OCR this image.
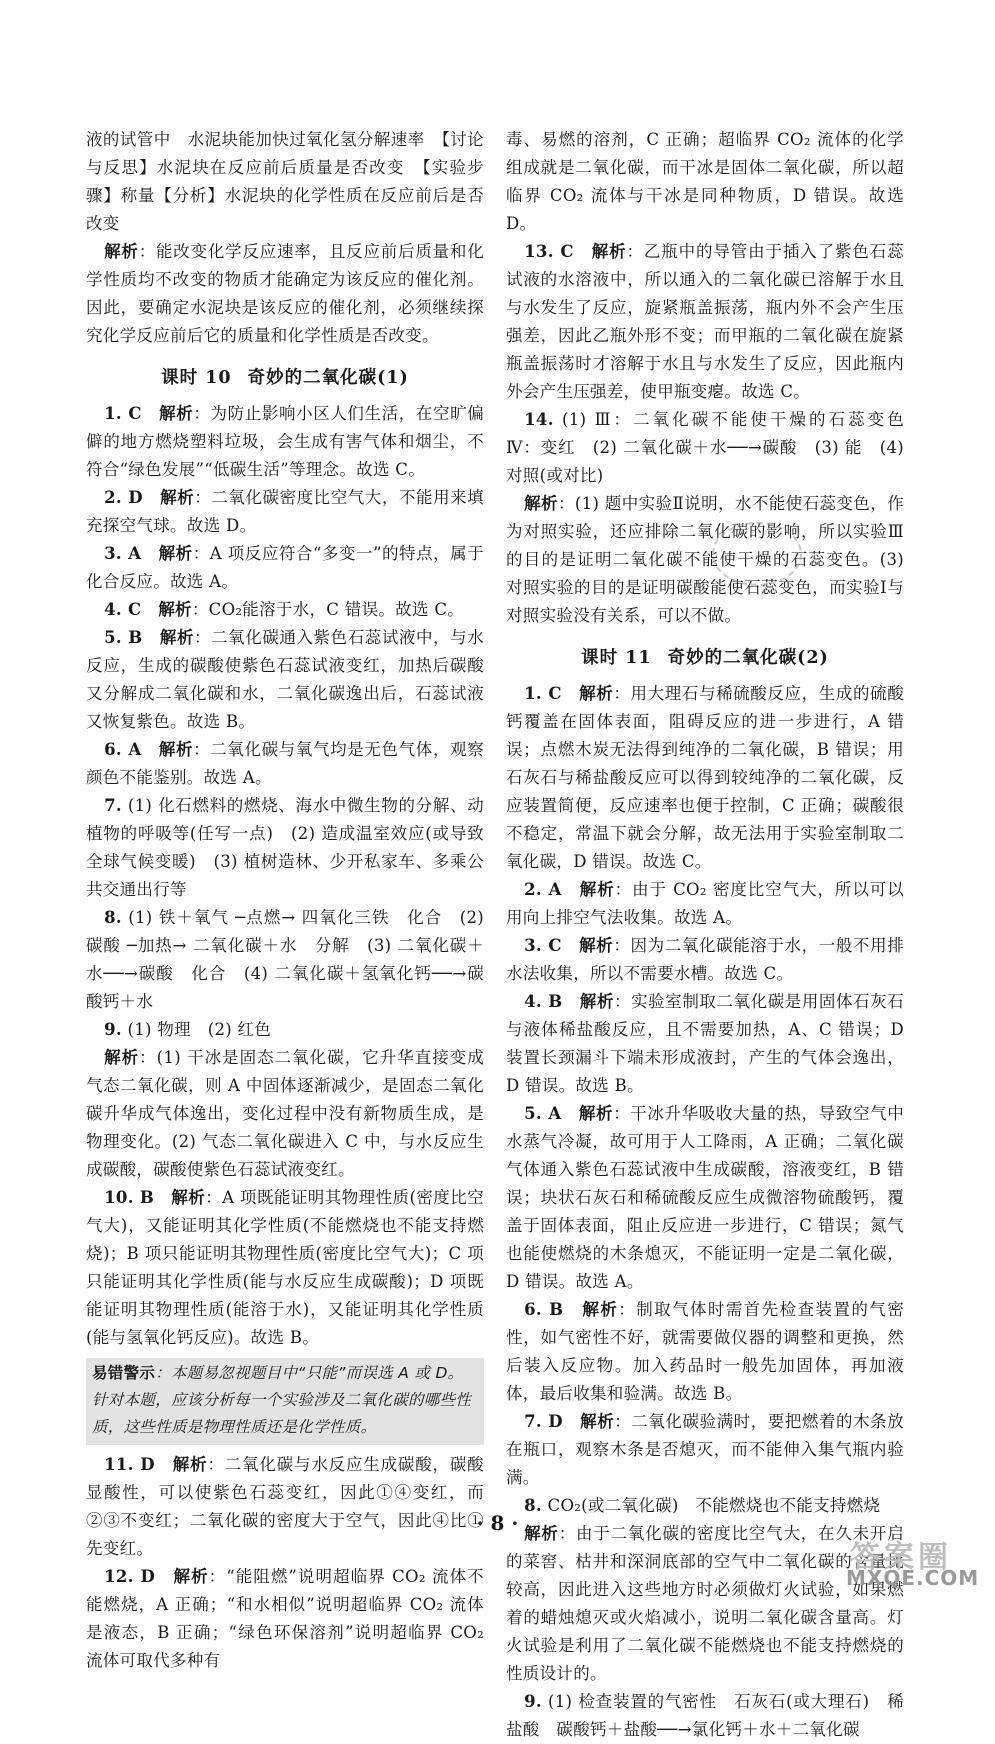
液的试管中　水泥块能加快过氧化氢分解速率　【讨论与反思】水泥块在反应前后质量是否改变　【实验步骤】称量【分析】水泥块的化学性质在反应前后是否改变

解析：能改变化学反应速率，且反应前后质量和化学性质均不改变的物质才能确定为该反应的催化剂。因此，要确定水泥块是该反应的催化剂，必须继续探究化学反应前后它的质量和化学性质是否改变。

课时 10 奇妙的二氧化碳(1)

1. C　解析：为防止影响小区人们生活，在空旷偏僻的地方燃烧塑料垃圾，会生成有害气体和烟尘，不符合“绿色发展”“低碳生活”等理念。故选 C。

2. D　解析：二氧化碳密度比空气大，不能用来填充探空气球。故选 D。

3. A　解析：A 项反应符合“多变一”的特点，属于化合反应。故选 A。

4. C　解析：CO₂能溶于水，C 错误。故选 C。

5. B　解析：二氧化碳通入紫色石蕊试液中，与水反应，生成的碳酸使紫色石蕊试液变红，加热后碳酸又分解成二氧化碳和水，二氧化碳逸出后，石蕊试液又恢复紫色。故选 B。

6. A　解析：二氧化碳与氧气均是无色气体，观察颜色不能鉴别。故选 A。

7. (1) 化石燃料的燃烧、海水中微生物的分解、动植物的呼吸等(任写一点)　(2) 造成温室效应(或导致全球气候变暖)　(3) 植树造林、少开私家车、多乘公共交通出行等

8. (1) 铁＋氧气 ─点燃→ 四氧化三铁　化合　(2) 碳酸 ─加热→ 二氧化碳＋水　分解　(3) 二氧化碳＋水──→碳酸　化合　(4) 二氧化碳＋氢氧化钙──→碳酸钙＋水

9. (1) 物理　(2) 红色

解析：(1) 干冰是固态二氧化碳，它升华直接变成气态二氧化碳，则 A 中固体逐渐减少，是固态二氧化碳升华成气体逸出，变化过程中没有新物质生成，是物理变化。(2) 气态二氧化碳进入 C 中，与水反应生成碳酸，碳酸使紫色石蕊试液变红。

10. B　解析：A 项既能证明其物理性质(密度比空气大)，又能证明其化学性质(不能燃烧也不能支持燃烧)；B 项只能证明其物理性质(密度比空气大)；C 项只能证明其化学性质(能与水反应生成碳酸)；D 项既能证明其物理性质(能溶于水)，又能证明其化学性质(能与氢氧化钙反应)。故选 B。

易错警示：本题易忽视题目中“只能”而误选 A 或 D。针对本题，应该分析每一个实验涉及二氧化碳的哪些性质，这些性质是物理性质还是化学性质。

11. D　解析：二氧化碳与水反应生成碳酸，碳酸显酸性，可以使紫色石蕊变红，因此①④变红，而②③不变红；二氧化碳的密度大于空气，因此④比①先变红。

12. D　解析：“能阻燃”说明超临界 CO₂ 流体不能燃烧，A 正确；“和水相似”说明超临界 CO₂ 流体是液态，B 正确；“绿色环保溶剂”说明超临界 CO₂ 流体可取代多种有

毒、易燃的溶剂，C 正确；超临界 CO₂ 流体的化学组成就是二氧化碳，而干冰是固体二氧化碳，所以超临界 CO₂ 流体与干冰是同种物质，D 错误。故选 D。

13. C　解析：乙瓶中的导管由于插入了紫色石蕊试液的水溶液中，所以通入的二氧化碳已溶解于水且与水发生了反应，旋紧瓶盖振荡，瓶内外不会产生压强差，因此乙瓶外形不变；而甲瓶的二氧化碳在旋紧瓶盖振荡时才溶解于水且与水发生了反应，因此瓶内外会产生压强差，使甲瓶变瘪。故选 C。

14. (1) Ⅲ：二氧化碳不能使干燥的石蕊变色　Ⅳ：变红　(2) 二氧化碳＋水──→碳酸　(3) 能　(4) 对照(或对比)

解析：(1) 题中实验Ⅱ说明，水不能使石蕊变色，作为对照实验，还应排除二氧化碳的影响，所以实验Ⅲ的目的是证明二氧化碳不能使干燥的石蕊变色。(3) 对照实验的目的是证明碳酸能使石蕊变色，而实验Ⅰ与对照实验没有关系，可以不做。

课时 11 奇妙的二氧化碳(2)

1. C　解析：用大理石与稀硫酸反应，生成的硫酸钙覆盖在固体表面，阻碍反应的进一步进行，A 错误；点燃木炭无法得到纯净的二氧化碳，B 错误；用石灰石与稀盐酸反应可以得到较纯净的二氧化碳，反应装置简便，反应速率也便于控制，C 正确；碳酸很不稳定，常温下就会分解，故无法用于实验室制取二氧化碳，D 错误。故选 C。

2. A　解析：由于 CO₂ 密度比空气大，所以可以用向上排空气法收集。故选 A。

3. C　解析：因为二氧化碳能溶于水，一般不用排水法收集，所以不需要水槽。故选 C。

4. B　解析：实验室制取二氧化碳是用固体石灰石与液体稀盐酸反应，且不需要加热，A、C 错误；D 装置长颈漏斗下端未形成液封，产生的气体会逸出，D 错误。故选 B。

5. A　解析：干冰升华吸收大量的热，导致空气中水蒸气冷凝，故可用于人工降雨，A 正确；二氧化碳气体通入紫色石蕊试液中生成碳酸，溶液变红，B 错误；块状石灰石和稀硫酸反应生成微溶物硫酸钙，覆盖于固体表面，阻止反应进一步进行，C 错误；氮气也能使燃烧的木条熄灭，不能证明一定是二氧化碳，D 错误。故选 A。

6. B　解析：制取气体时需首先检查装置的气密性，如气密性不好，就需要做仪器的调整和更换，然后装入反应物。加入药品时一般先加固体，再加液体，最后收集和验满。故选 B。

7. D　解析：二氧化碳验满时，要把燃着的木条放在瓶口，观察木条是否熄灭，而不能伸入集气瓶内验满。

8. CO₂(或二氧化碳)　不能燃烧也不能支持燃烧

解析：由于二氧化碳的密度比空气大，在久未开启的菜窖、枯井和深洞底部的空气中二氧化碳的含量比较高，因此进入这些地方时必须做灯火试验，如果燃着的蜡烛熄灭或火焰减小，说明二氧化碳含量高。灯火试验是利用了二氧化碳不能燃烧也不能支持燃烧的性质设计的。

9. (1) 检查装置的气密性　石灰石(或大理石)　稀盐酸　碳酸钙＋盐酸──→氯化钙＋水＋二氧化碳

· 8 ·
答案圈
MXQE.COM
